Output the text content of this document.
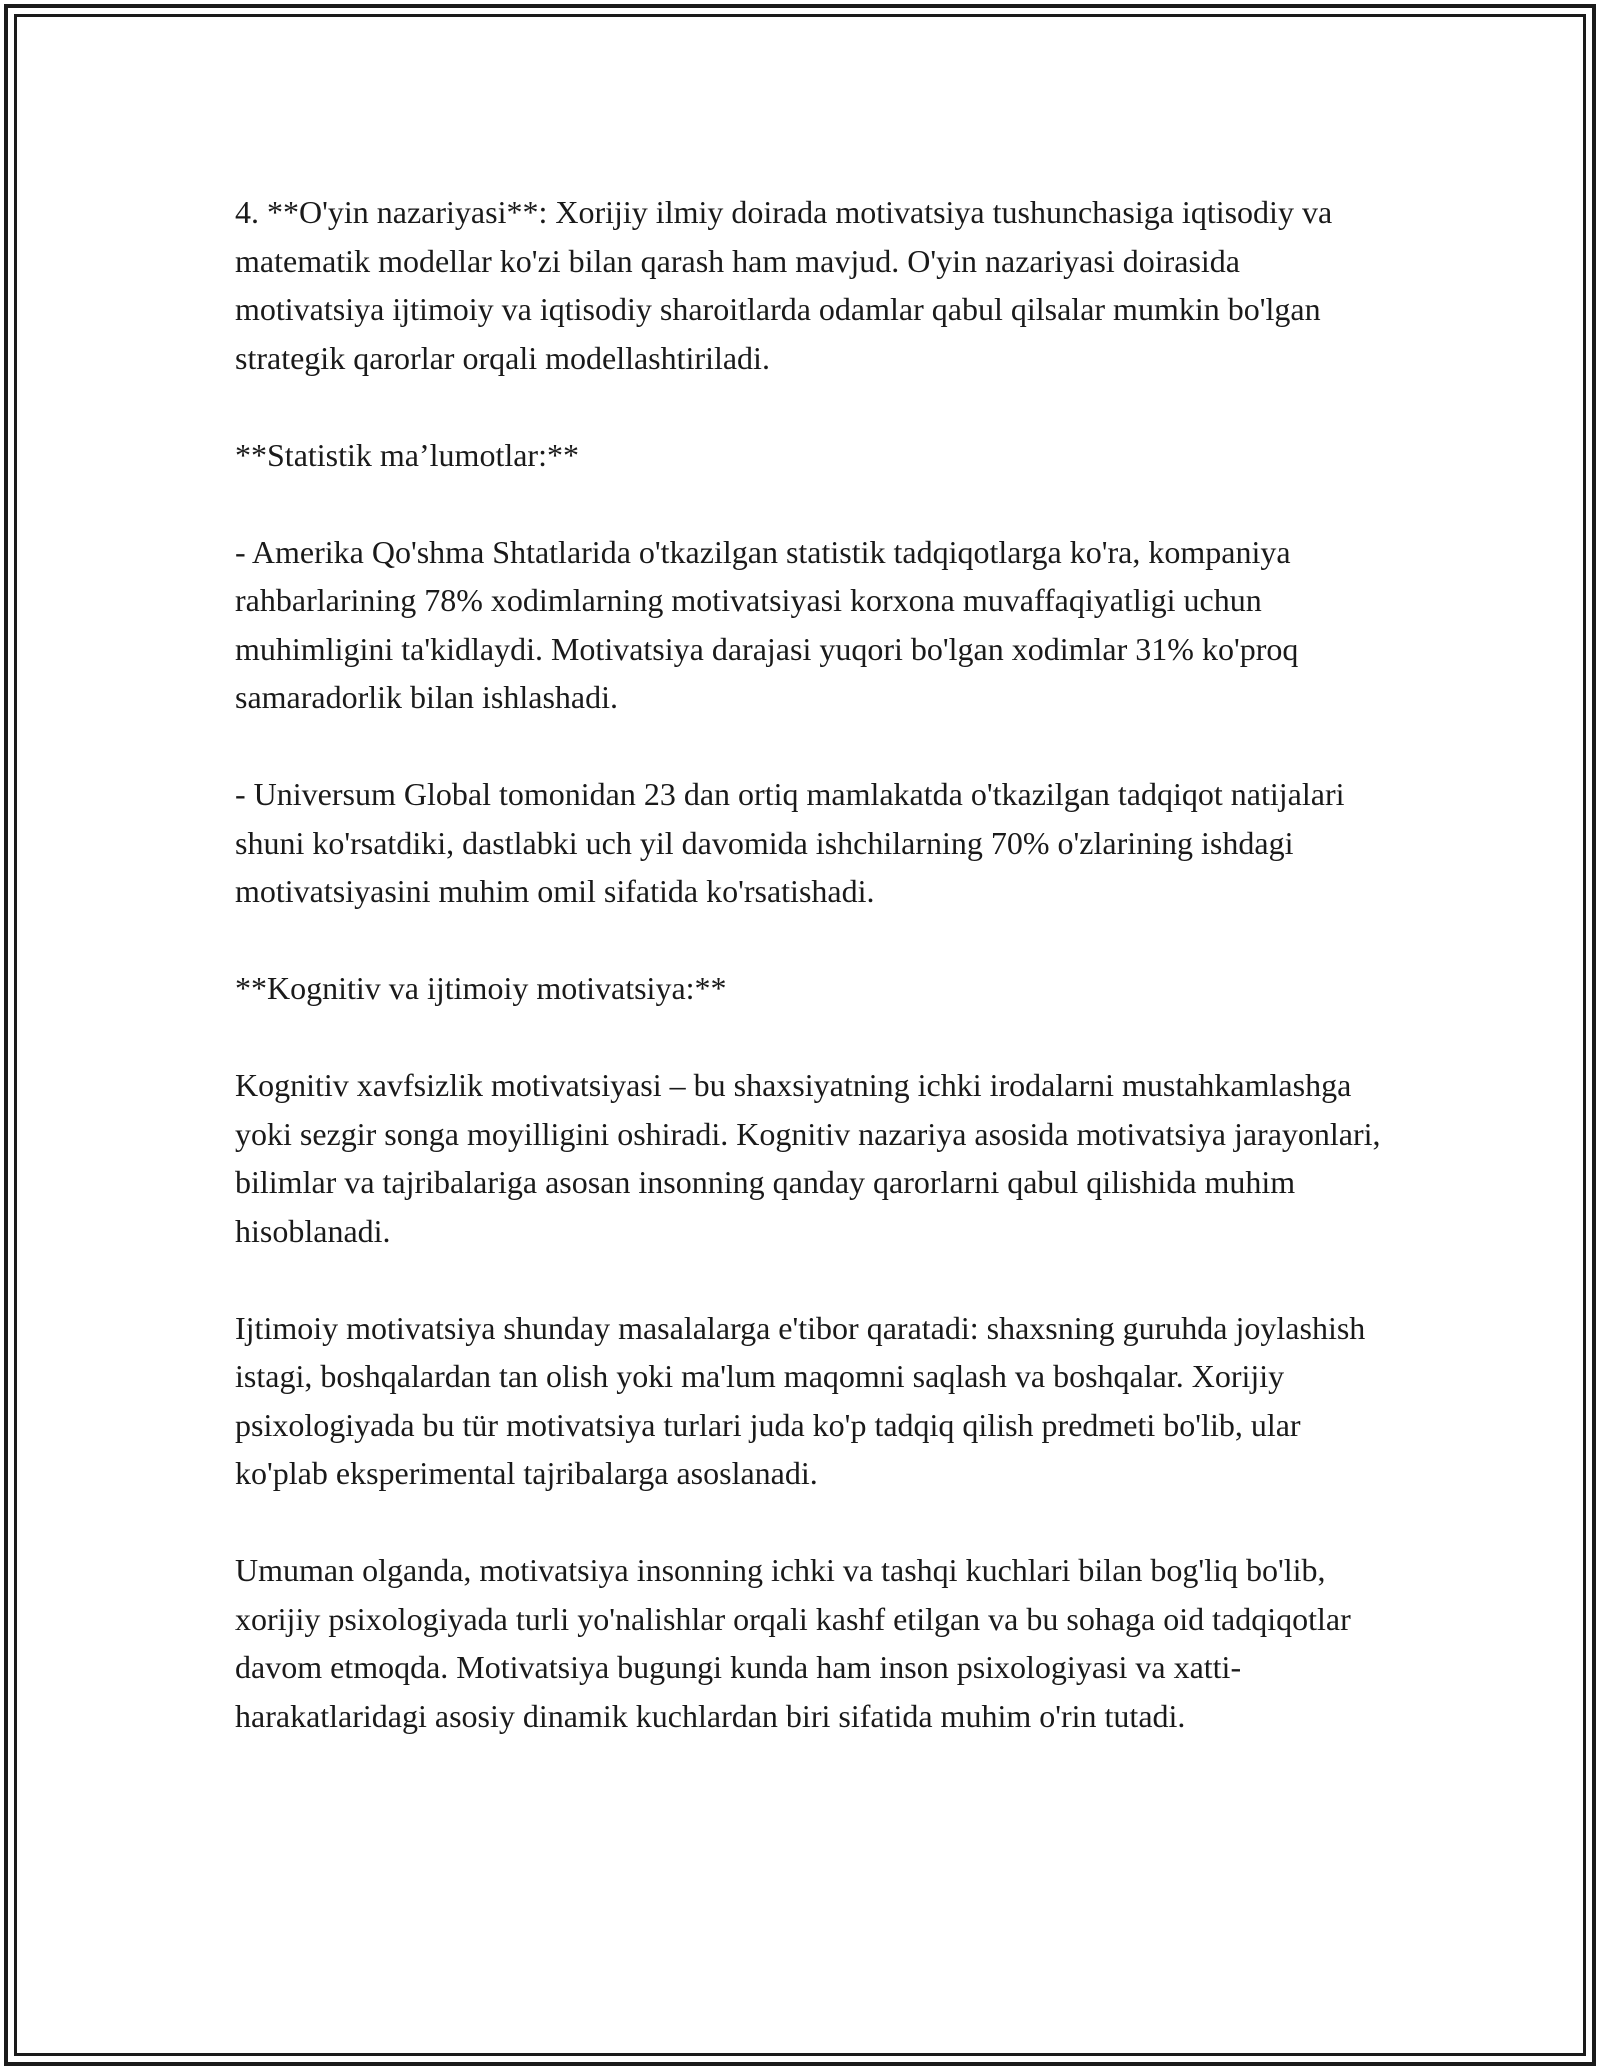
4. **O'yin nazariyasi**: Xorijiy ilmiy doirada motivatsiya tushunchasiga iqtisodiy va matematik modellar ko'zi bilan qarash ham mavjud. O'yin nazariyasi doirasida motivatsiya ijtimoiy va iqtisodiy sharoitlarda odamlar qabul qilsalar mumkin bo'lgan strategik qarorlar orqali modellashtiriladi.

**Statistik ma’lumotlar:**

- Amerika Qo'shma Shtatlarida o'tkazilgan statistik tadqiqotlarga ko'ra, kompaniya rahbarlarining 78% xodimlarning motivatsiyasi korxona muvaffaqiyatligi uchun muhimligini ta'kidlaydi. Motivatsiya darajasi yuqori bo'lgan xodimlar 31% ko'proq samaradorlik bilan ishlashadi.

- Universum Global tomonidan 23 dan ortiq mamlakatda o'tkazilgan tadqiqot natijalari shuni ko'rsatdiki, dastlabki uch yil davomida ishchilarning 70% o'zlarining ishdagi motivatsiyasini muhim omil sifatida ko'rsatishadi.

**Kognitiv va ijtimoiy motivatsiya:**

Kognitiv xavfsizlik motivatsiyasi – bu shaxsiyatning ichki irodalarni mustahkamlashga yoki sezgir songa moyilligini oshiradi. Kognitiv nazariya asosida motivatsiya jarayonlari, bilimlar va tajribalariga asosan insonning qanday qarorlarni qabul qilishida muhim hisoblanadi.

Ijtimoiy motivatsiya shunday masalalarga e'tibor qaratadi: shaxsning guruhda joylashish istagi, boshqalardan tan olish yoki ma'lum maqomni saqlash va boshqalar. Xorijiy psixologiyada bu tür motivatsiya turlari juda ko'p tadqiq qilish predmeti bo'lib, ular ko'plab eksperimental tajribalarga asoslanadi.

Umuman olganda, motivatsiya insonning ichki va tashqi kuchlari bilan bog'liq bo'lib, xorijiy psixologiyada turli yo'nalishlar orqali kashf etilgan va bu sohaga oid tadqiqotlar davom etmoqda. Motivatsiya bugungi kunda ham inson psixologiyasi va xatti-harakatlaridagi asosiy dinamik kuchlardan biri sifatida muhim o'rin tutadi.
